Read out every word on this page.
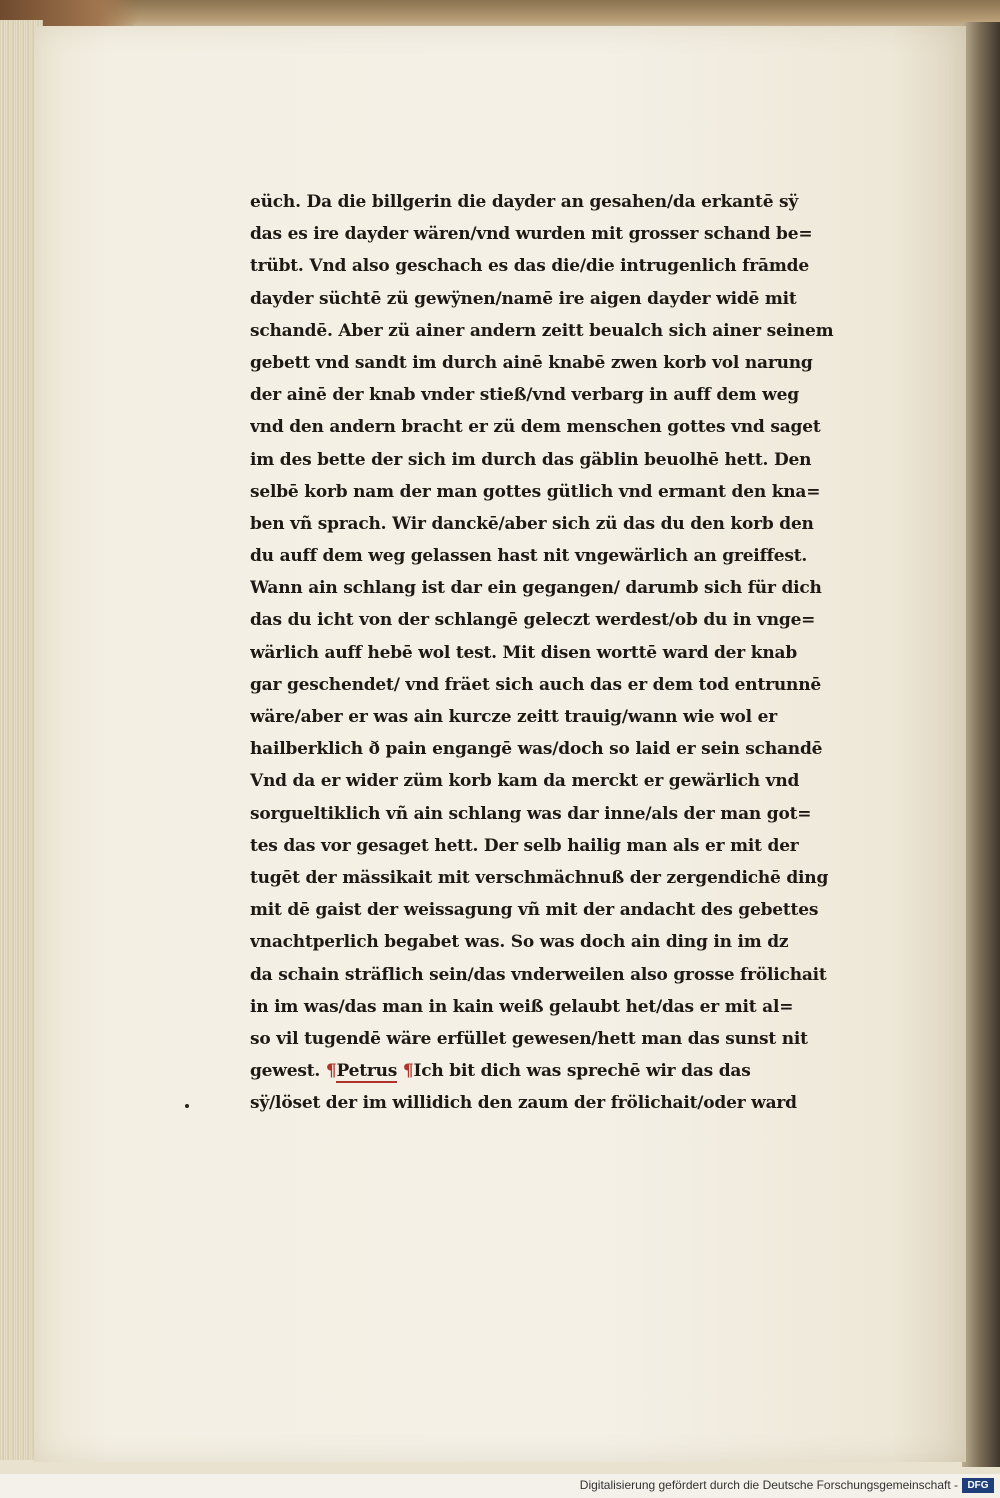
eüch. Da die billgerin die dayder an gesahen/da erkantē sÿ
das es ire dayder wären/vnd wurden mit grosser schand be=
trübt. Vnd also geschach es das die/die intrugenlich frāmde
dayder süchtē zü gewÿnen/namē ire aigen dayder widē mit
schandē. Aber zü ainer andern zeitt beualch sich ainer seinem
gebett vnd sandt im durch ainē knabē zwen korb vol narung
der ainē der knab vnder stieß/vnd verbarg in auff dem weg
vnd den andern bracht er zü dem menschen gottes vnd saget
im des bette der sich im durch das gäblin beuolhē hett. Den
selbē korb nam der man gottes gütlich vnd ermant den kna=
ben vñ sprach. Wir danckē/aber sich zü das du den korb den
du auff dem weg gelassen hast nit vngewärlich an greiffest.
Wann ain schlang ist dar ein gegangen/ darumb sich für dich
das du icht von der schlangē geleczt werdest/ob du in vnge=
wärlich auff hebē wol test. Mit disen worttē ward der knab
gar geschendet/ vnd fräet sich auch das er dem tod entrunnē
wäre/aber er was ain kurcze zeitt trauig/wann wie wol er
hailberklich ð pain engangē was/doch so laid er sein schandē
Vnd da er wider züm korb kam da merckt er gewärlich vnd
sorgueltiklich vñ ain schlang was dar inne/als der man got=
tes das vor gesaget hett. Der selb hailig man als er mit der
tugēt der mässikait mit verschmächnuß der zergendichē ding
mit dē gaist der weissagung vñ mit der andacht des gebettes
vnachtperlich begabet was. So was doch ain ding in im dz
da schain sträflich sein/das vnderweilen also grosse frölichait
in im was/das man in kain weiß gelaubt het/das er mit al=
so vil tugendē wäre erfüllet gewesen/hett man das sunst nit
gewest. ¶Petrus ¶Ich bit dich was sprechē wir das das
sÿ/löset der im willidich den zaum der frölichait/oder ward
Digitalisierung gefördert durch die Deutsche Forschungsgemeinschaft - DFG
